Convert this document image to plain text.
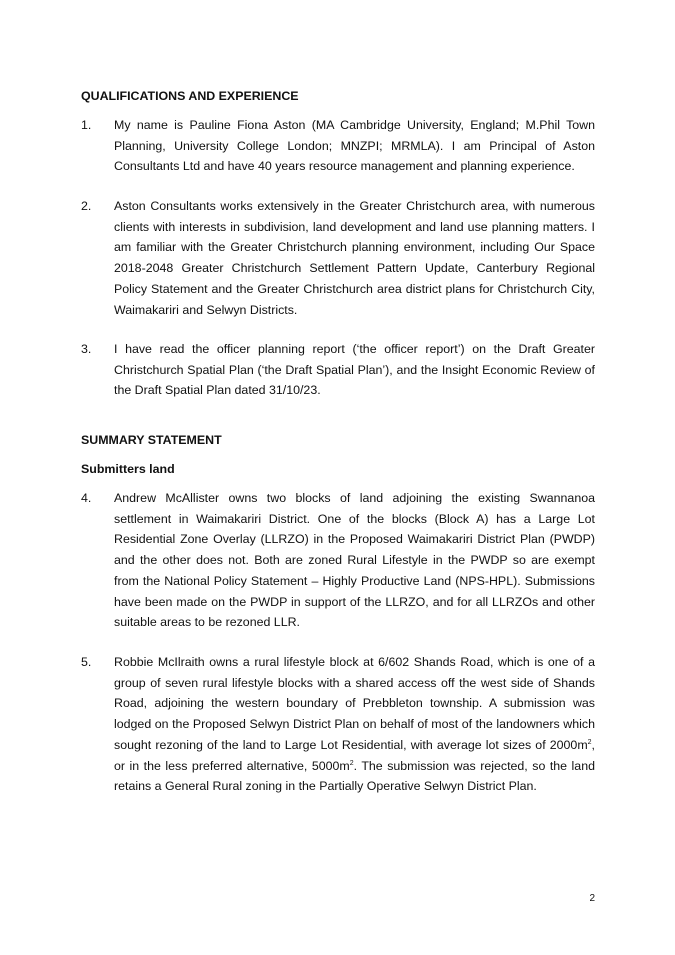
QUALIFICATIONS AND EXPERIENCE
1. My name is Pauline Fiona Aston (MA Cambridge University, England; M.Phil Town Planning, University College London; MNZPI; MRMLA). I am Principal of Aston Consultants Ltd and have 40 years resource management and planning experience.
2. Aston Consultants works extensively in the Greater Christchurch area, with numerous clients with interests in subdivision, land development and land use planning matters. I am familiar with the Greater Christchurch planning environment, including Our Space 2018-2048 Greater Christchurch Settlement Pattern Update, Canterbury Regional Policy Statement and the Greater Christchurch area district plans for Christchurch City, Waimakariri and Selwyn Districts.
3. I have read the officer planning report (‘the officer report’) on the Draft Greater Christchurch Spatial Plan (‘the Draft Spatial Plan’), and the Insight Economic Review of the Draft Spatial Plan dated 31/10/23.
SUMMARY STATEMENT
Submitters land
4. Andrew McAllister owns two blocks of land adjoining the existing Swannanoa settlement in Waimakariri District. One of the blocks (Block A) has a Large Lot Residential Zone Overlay (LLRZO) in the Proposed Waimakariri District Plan (PWDP) and the other does not. Both are zoned Rural Lifestyle in the PWDP so are exempt from the National Policy Statement – Highly Productive Land (NPS-HPL). Submissions have been made on the PWDP in support of the LLRZO, and for all LLRZOs and other suitable areas to be rezoned LLR.
5. Robbie McIlraith owns a rural lifestyle block at 6/602 Shands Road, which is one of a group of seven rural lifestyle blocks with a shared access off the west side of Shands Road, adjoining the western boundary of Prebbleton township. A submission was lodged on the Proposed Selwyn District Plan on behalf of most of the landowners which sought rezoning of the land to Large Lot Residential, with average lot sizes of $2000m^2$, or in the less preferred alternative, $5000m^2$. The submission was rejected, so the land retains a General Rural zoning in the Partially Operative Selwyn District Plan.
2
